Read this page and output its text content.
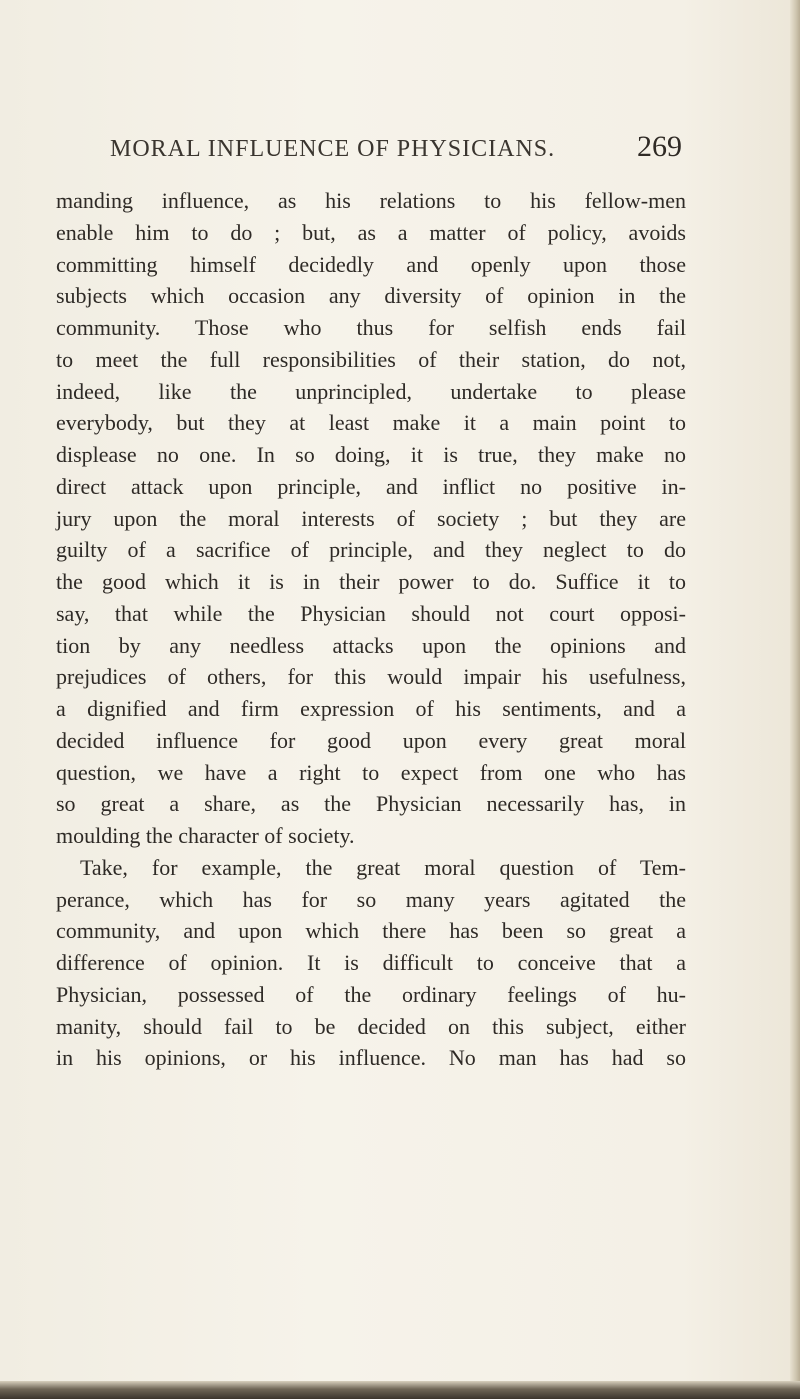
MORAL INFLUENCE OF PHYSICIANS.	269
manding influence, as his relations to his fellow-men
enable him to do ; but, as a matter of policy, avoids
committing himself decidedly and openly upon those
subjects which occasion any diversity of opinion in the
community. Those who thus for selfish ends fail
to meet the full responsibilities of their station, do not,
indeed, like the unprincipled, undertake to please
everybody, but they at least make it a main point to
displease no one. In so doing, it is true, they make no
direct attack upon principle, and inflict no positive in-
jury upon the moral interests of society ; but they are
guilty of a sacrifice of principle, and they neglect to do
the good which it is in their power to do. Suffice it to
say, that while the Physician should not court opposi-
tion by any needless attacks upon the opinions and
prejudices of others, for this would impair his usefulness,
a dignified and firm expression of his sentiments, and a
decided influence for good upon every great moral
question, we have a right to expect from one who has
so great a share, as the Physician necessarily has, in
moulding the character of society.
Take, for example, the great moral question of Tem-
perance, which has for so many years agitated the
community, and upon which there has been so great a
difference of opinion. It is difficult to conceive that a
Physician, possessed of the ordinary feelings of hu-
manity, should fail to be decided on this subject, either
in his opinions, or his influence. No man has had so
